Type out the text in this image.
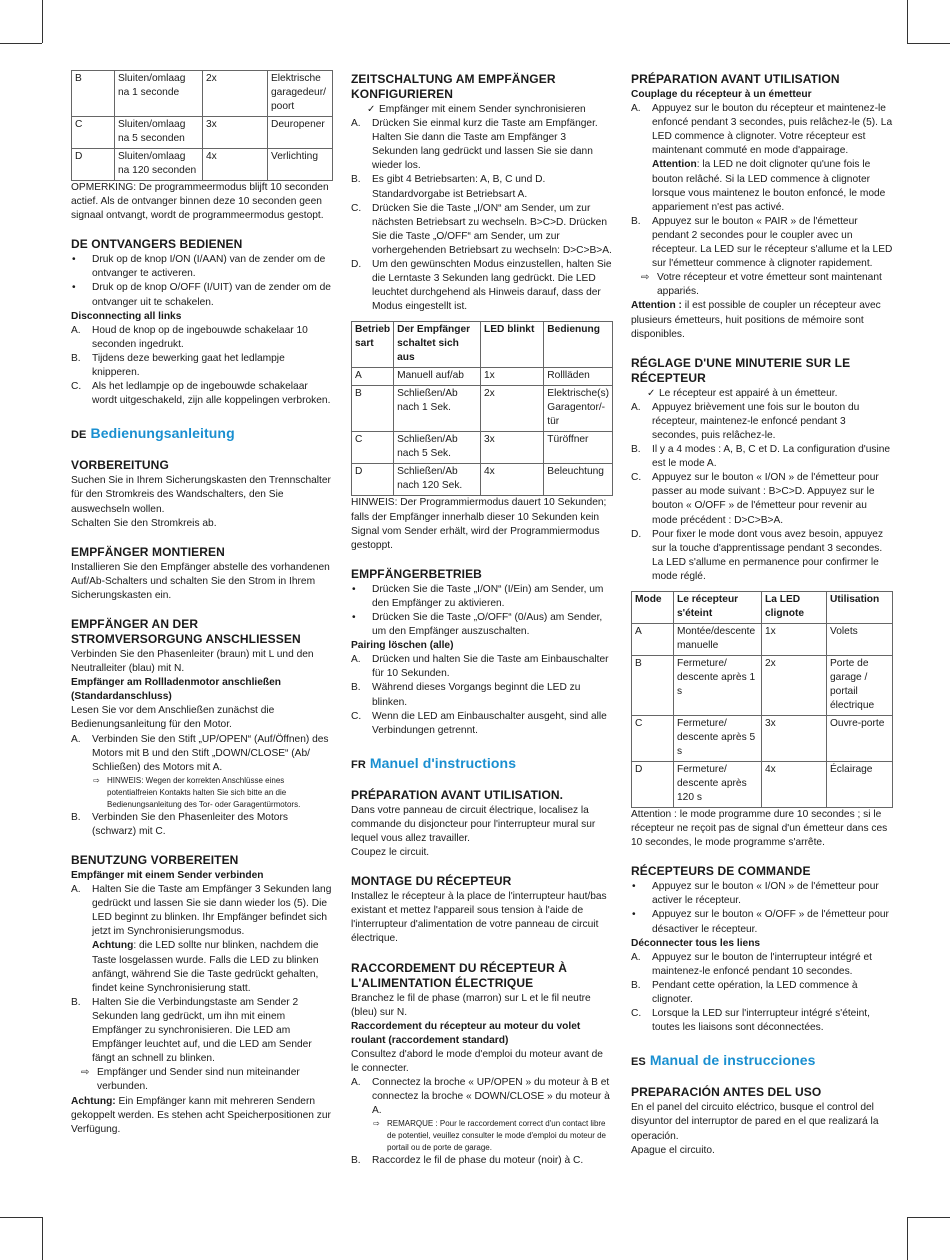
B	Sluiten/omlaag na 1 seconde	2x	Elektrische garagedeur/ poort
C	Sluiten/omlaag na 5 seconden	3x	Deuropener
D	Sluiten/omlaag na 120 seconden	4x	Verlichting

OPMERKING: De programmeermodus blijft 10 seconden actief. Als de ontvanger binnen deze 10 seconden geen signaal ontvangt, wordt de programmeermodus gestopt.

DE ONTVANGERS BEDIENEN
• Druk op de knop I/ON (I/AAN) van de zender om de ontvanger te activeren.
• Druk op de knop O/OFF (I/UIT) van de zender om de ontvanger uit te schakelen.

Disconnecting all links

A. Houd de knop op de ingebouwde schakelaar 10 seconden ingedrukt.
B. Tijdens deze bewerking gaat het ledlampje knipperen.
C. Als het ledlampje op de ingebouwde schakelaar wordt uitgeschakeld, zijn alle koppelingen verbroken.
DE Bedienungsanleitung
VORBEREITUNG

Suchen Sie in Ihrem Sicherungskasten den Trennschalter für den Stromkreis des Wandschalters, den Sie auswechseln wollen.

Schalten Sie den Stromkreis ab.

EMPFÄNGER MONTIEREN

Installieren Sie den Empfänger abstelle des vorhandenen Auf/Ab-Schalters und schalten Sie den Strom in Ihrem Sicherungskasten ein.

EMPFÄNGER AN DER STROMVERSORGUNG ANSCHLIESSEN

Verbinden Sie den Phasenleiter (braun) mit L und den Neutralleiter (blau) mit N.

Empfänger am Rollladenmotor anschließen (Standardanschluss)

Lesen Sie vor dem Anschließen zunächst die Bedienungsanleitung für den Motor.

A. Verbinden Sie den Stift „UP/OPEN“ (Auf/Öffnen) des Motors mit B und den Stift „DOWN/CLOSE“ (Ab/ Schließen) des Motors mit A.
⇨ HINWEIS: Wegen der korrekten Anschlüsse eines potentialfreien Kontakts halten Sie sich bitte an die Bedienungsanleitung des Tor- oder Garagentürmotors.
B. Verbinden Sie den Phasenleiter des Motors (schwarz) mit C.
BENUTZUNG VORBEREITEN

Empfänger mit einem Sender verbinden

A. Halten Sie die Taste am Empfänger 3 Sekunden lang gedrückt und lassen Sie sie dann wieder los (5). Die LED beginnt zu blinken. Ihr Empfänger befindet sich jetzt im Synchronisierungsmodus.
Achtung: die LED sollte nur blinken, nachdem die Taste losgelassen wurde. Falls die LED zu blinken anfängt, während Sie die Taste gedrückt gehalten, findet keine Synchronisierung statt.
B. Halten Sie die Verbindungstaste am Sender 2 Sekunden lang gedrückt, um ihn mit einem Empfänger zu synchronisieren. Die LED am Empfänger leuchtet auf, und die LED am Sender fängt an schnell zu blinken.
⇨ Empfänger und Sender sind nun miteinander verbunden.

Achtung: Ein Empfänger kann mit mehreren Sendern gekoppelt werden. Es stehen acht Speicherpositionen zur Verfügung.

ZEITSCHALTUNG AM EMPFÄNGER KONFIGURIEREN
✓ Empfänger mit einem Sender synchronisieren
A. Drücken Sie einmal kurz die Taste am Empfänger. Halten Sie dann die Taste am Empfänger 3 Sekunden lang gedrückt und lassen Sie sie dann wieder los.
B. Es gibt 4 Betriebsarten: A, B, C und D. Standardvorgabe ist Betriebsart A.
C. Drücken Sie die Taste „I/ON“ am Sender, um zur nächsten Betriebsart zu wechseln. B>C>D. Drücken Sie die Taste „O/OFF“ am Sender, um zur vorhergehenden Betriebsart zu wechseln: D>C>B>A.
D. Um den gewünschten Modus einzustellen, halten Sie die Lerntaste 3 Sekunden lang gedrückt. Die LED leuchtet durchgehend als Hinweis darauf, dass der Modus eingestellt ist.
Betrieb sart	Der Empfänger schaltet sich aus	LED blinkt	Bedienung
A	Manuell auf/ab	1x	Rollläden
B	Schließen/Ab nach 1 Sek.	2x	Elektrische(s) Garagentor/-tür
C	Schließen/Ab nach 5 Sek.	3x	Türöffner
D	Schließen/Ab nach 120 Sek.	4x	Beleuchtung

HINWEIS: Der Programmiermodus dauert 10 Sekunden; falls der Empfänger innerhalb dieser 10 Sekunden kein Signal vom Sender erhält, wird der Programmiermodus gestoppt.

EMPFÄNGERBETRIEB
• Drücken Sie die Taste „I/ON“ (I/Ein) am Sender, um den Empfänger zu aktivieren.
• Drücken Sie die Taste „O/OFF“ (0/Aus) am Sender, um den Empfänger auszuschalten.

Pairing löschen (alle)

A. Drücken und halten Sie die Taste am Einbauschalter für 10 Sekunden.
B. Während dieses Vorgangs beginnt die LED zu blinken.
C. Wenn die LED am Einbauschalter ausgeht, sind alle Verbindungen getrennt.
FR Manuel d'instructions
PRÉPARATION AVANT UTILISATION.

Dans votre panneau de circuit électrique, localisez la commande du disjoncteur pour l'interrupteur mural sur lequel vous allez travailler.

Coupez le circuit.

MONTAGE DU RÉCEPTEUR

Installez le récepteur à la place de l'interrupteur haut/bas existant et mettez l'appareil sous tension à l'aide de l'interrupteur d'alimentation de votre panneau de circuit électrique.

RACCORDEMENT DU RÉCEPTEUR À L'ALIMENTATION ÉLECTRIQUE

Branchez le fil de phase (marron) sur L et le fil neutre (bleu) sur N.

Raccordement du récepteur au moteur du volet roulant (raccordement standard)

Consultez d'abord le mode d'emploi du moteur avant de le connecter.

A. Connectez la broche « UP/OPEN » du moteur à B et connectez la broche « DOWN/CLOSE » du moteur à A.
⇨ REMARQUE : Pour le raccordement correct d'un contact libre de potentiel, veuillez consulter le mode d'emploi du moteur de portail ou de porte de garage.
B. Raccordez le fil de phase du moteur (noir) à C.
PRÉPARATION AVANT UTILISATION

Couplage du récepteur à un émetteur

A. Appuyez sur le bouton du récepteur et maintenez-le enfoncé pendant 3 secondes, puis relâchez-le (5). La LED commence à clignoter. Votre récepteur est maintenant commuté en mode d'appairage.
Attention: la LED ne doit clignoter qu'une fois le bouton relâché. Si la LED commence à clignoter lorsque vous maintenez le bouton enfoncé, le mode appariement n'est pas activé.
B. Appuyez sur le bouton « PAIR » de l'émetteur pendant 2 secondes pour le coupler avec un récepteur. La LED sur le récepteur s'allume et la LED sur l'émetteur commence à clignoter rapidement.
⇨ Votre récepteur et votre émetteur sont maintenant appariés.

Attention : il est possible de coupler un récepteur avec plusieurs émetteurs, huit positions de mémoire sont disponibles.

RÉGLAGE D'UNE MINUTERIE SUR LE RÉCEPTEUR
✓ Le récepteur est appairé à un émetteur.
A. Appuyez brièvement une fois sur le bouton du récepteur, maintenez-le enfoncé pendant 3 secondes, puis relâchez-le.
B. Il y a 4 modes : A, B, C et D. La configuration d'usine est le mode A.
C. Appuyez sur le bouton « I/ON » de l'émetteur pour passer au mode suivant : B>C>D. Appuyez sur le bouton « O/OFF » de l'émetteur pour revenir au mode précédent : D>C>B>A.
D. Pour fixer le mode dont vous avez besoin, appuyez sur la touche d'apprentissage pendant 3 secondes. La LED s'allume en permanence pour confirmer le mode réglé.
Mode	Le récepteur s'éteint	La LED clignote	Utilisation
A	Montée/descente manuelle	1x	Volets
B	Fermeture/ descente après 1 s	2x	Porte de garage / portail électrique
C	Fermeture/ descente après 5 s	3x	Ouvre-porte
D	Fermeture/ descente après 120 s	4x	Éclairage

Attention : le mode programme dure 10 secondes ; si le récepteur ne reçoit pas de signal d'un émetteur dans ces 10 secondes, le mode programme s'arrête.

RÉCEPTEURS DE COMMANDE
• Appuyez sur le bouton « I/ON » de l'émetteur pour activer le récepteur.
• Appuyez sur le bouton « O/OFF » de l'émetteur pour désactiver le récepteur.

Déconnecter tous les liens

A. Appuyez sur le bouton de l'interrupteur intégré et maintenez-le enfoncé pendant 10 secondes.
B. Pendant cette opération, la LED commence à clignoter.
C. Lorsque la LED sur l'interrupteur intégré s'éteint, toutes les liaisons sont déconnectées.
ES Manual de instrucciones
PREPARACIÓN ANTES DEL USO

En el panel del circuito eléctrico, busque el control del disyuntor del interruptor de pared en el que realizará la operación.

Apague el circuito.
